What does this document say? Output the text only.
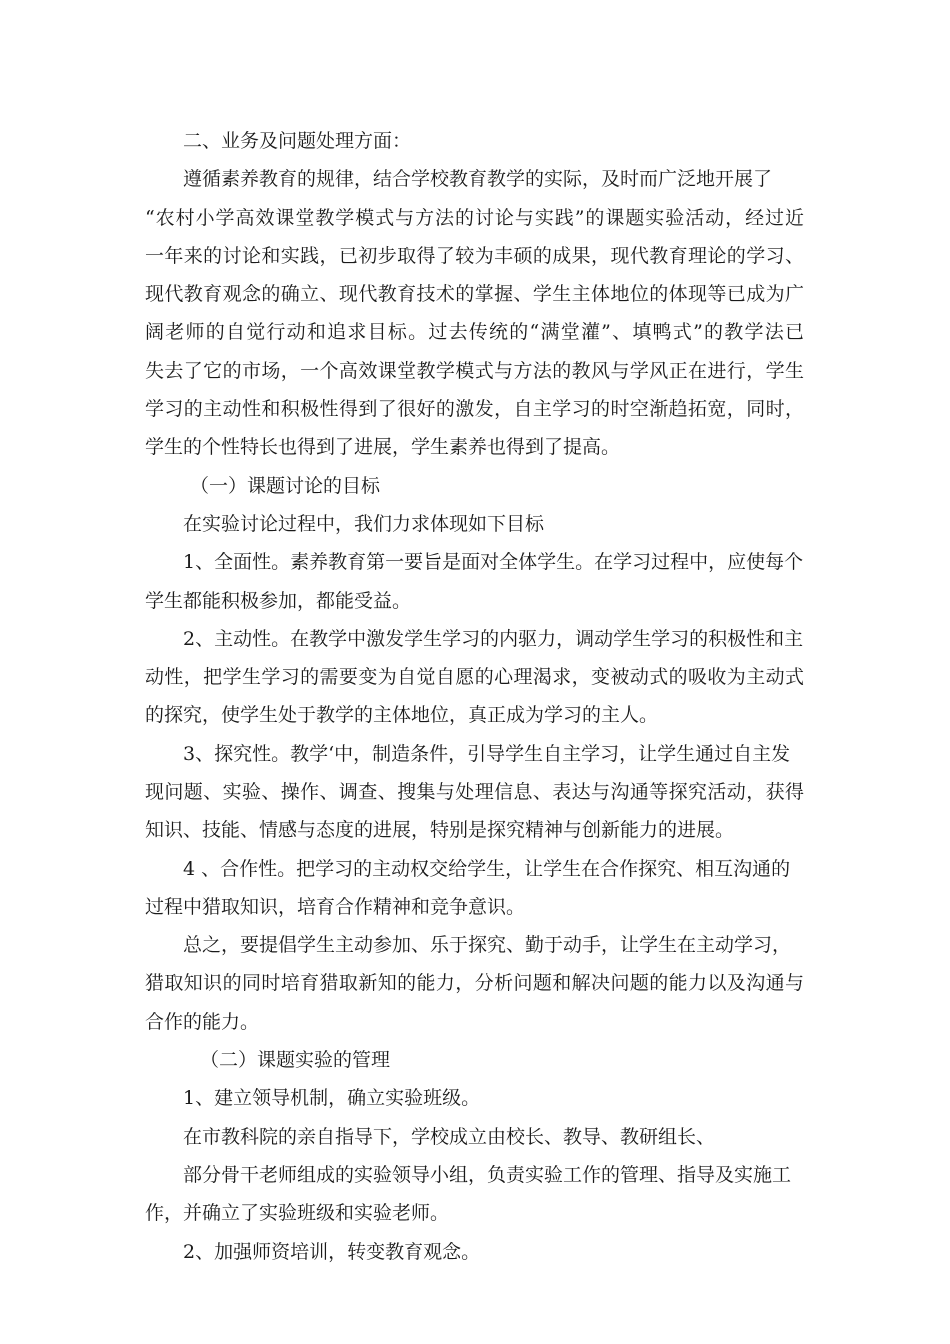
二、业务及问题处理方面：
遵循素养教育的规律，结合学校教育教学的实际，及时而广泛地开展了
“农村小学高效课堂教学模式与方法的讨论与实践”的课题实验活动，经过近
一年来的讨论和实践，已初步取得了较为丰硕的成果，现代教育理论的学习、
现代教育观念的确立、现代教育技术的掌握、学生主体地位的体现等已成为广
阔老师的自觉行动和追求目标。过去传统的“满堂灌”、填鸭式”的教学法已
失去了它的市场，一个高效课堂教学模式与方法的教风与学风正在进行，学生
学习的主动性和积极性得到了很好的激发，自主学习的时空渐趋拓宽，同时，
学生的个性特长也得到了进展，学生素养也得到了提高。
（一）课题讨论的目标
在实验讨论过程中，我们力求体现如下目标
1、全面性。素养教育第一要旨是面对全体学生。在学习过程中，应使每个
学生都能积极参加，都能受益。
2、主动性。在教学中激发学生学习的内驱力，调动学生学习的积极性和主
动性，把学生学习的需要变为自觉自愿的心理渴求，变被动式的吸收为主动式
的探究，使学生处于教学的主体地位，真正成为学习的主人。
3、探究性。教学‘中，制造条件，引导学生自主学习，让学生通过自主发
现问题、实验、操作、调查、搜集与处理信息、表达与沟通等探究活动，获得
知识、技能、情感与态度的进展，特别是探究精神与创新能力的进展。
4 、合作性。把学习的主动权交给学生，让学生在合作探究、相互沟通的
过程中猎取知识，培育合作精神和竞争意识。
总之，要提倡学生主动参加、乐于探究、勤于动手，让学生在主动学习，
猎取知识的同时培育猎取新知的能力，分析问题和解决问题的能力以及沟通与
合作的能力。
（二）课题实验的管理
1、建立领导机制，确立实验班级。
在市教科院的亲自指导下，学校成立由校长、教导、教研组长、
部分骨干老师组成的实验领导小组，负责实验工作的管理、指导及实施工
作，并确立了实验班级和实验老师。
2、加强师资培训，转变教育观念。
